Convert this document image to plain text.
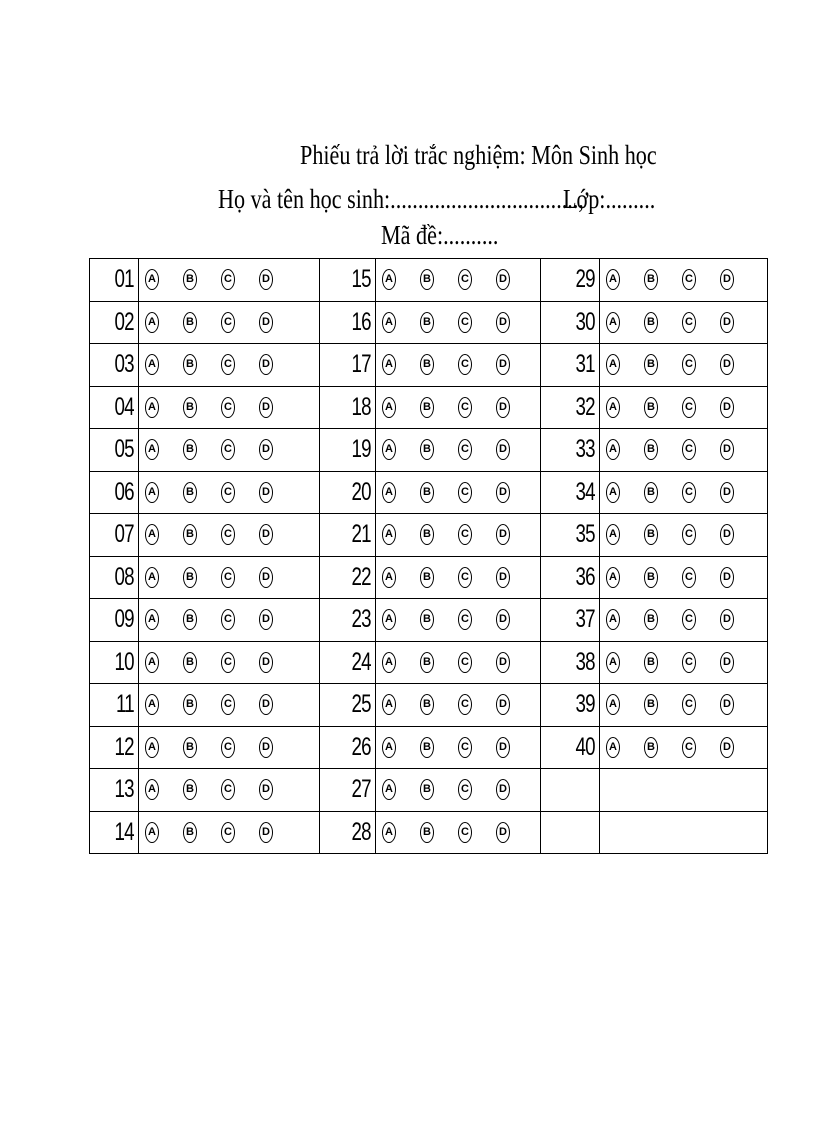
Phiếu trả lời trắc nghiệm: Môn Sinh học
Họ và tên học sinh:..................................,
Lớp:.........
Mã đề:..........
01	A B C D	15	A B C D	29	A B C D

02	A B C D	16	A B C D	30	A B C D

03	A B C D	17	A B C D	31	A B C D

04	A B C D	18	A B C D	32	A B C D

05	A B C D	19	A B C D	33	A B C D

06	A B C D	20	A B C D	34	A B C D

07	A B C D	21	A B C D	35	A B C D

08	A B C D	22	A B C D	36	A B C D

09	A B C D	23	A B C D	37	A B C D

10	A B C D	24	A B C D	38	A B C D

11	A B C D	25	A B C D	39	A B C D

12	A B C D	26	A B C D	40	A B C D

13	A B C D	27	A B C D		

14	A B C D	28	A B C D		
